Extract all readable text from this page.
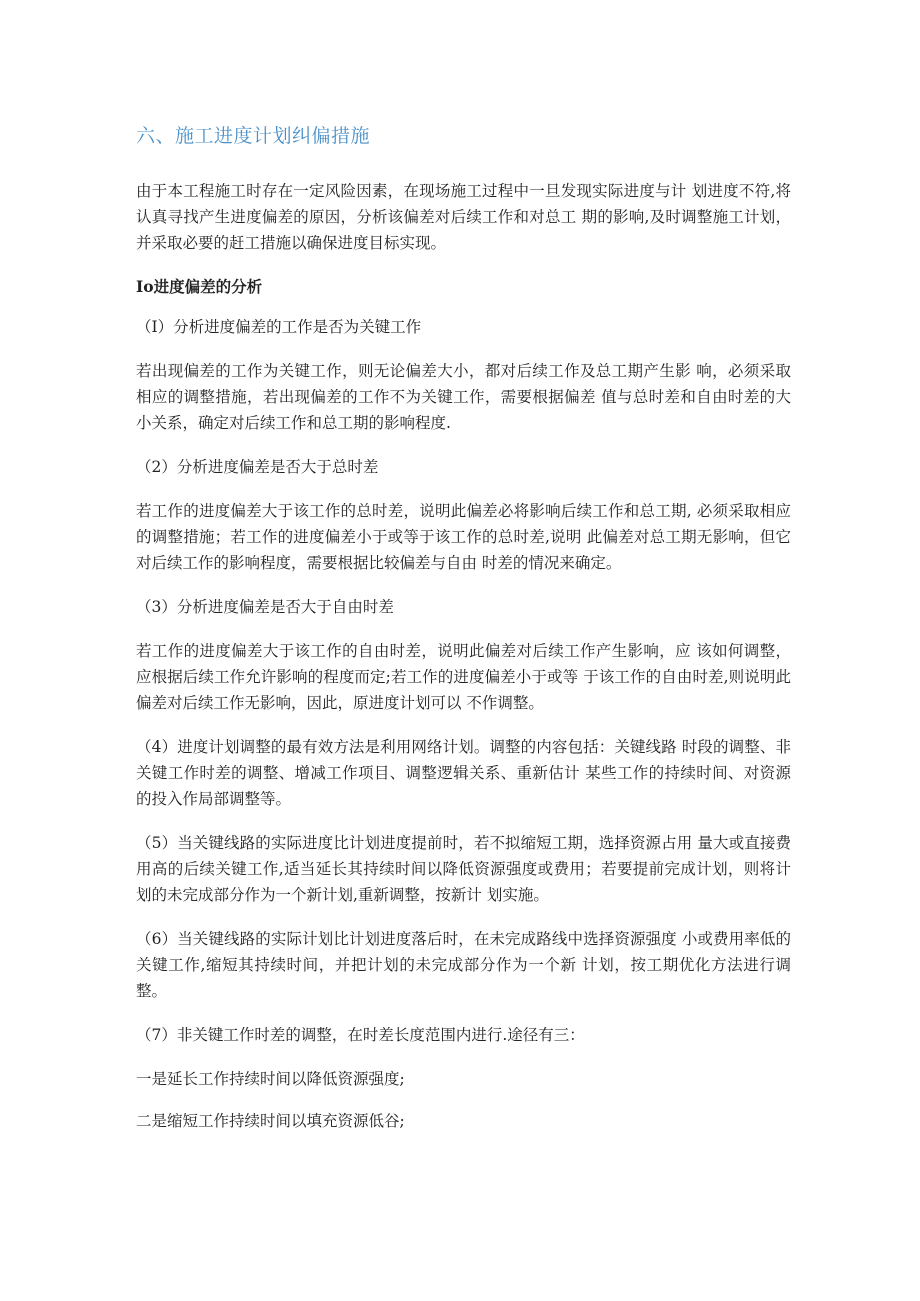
六、施工进度计划纠偏措施

由于本工程施工时存在一定风险因素，在现场施工过程中一旦发现实际进度与计 划进度不符,将认真寻找产生进度偏差的原因，分析该偏差对后续工作和对总工 期的影响,及时调整施工计划，并采取必要的赶工措施以确保进度目标实现。

Io进度偏差的分析

（I）分析进度偏差的工作是否为关键工作

若出现偏差的工作为关键工作，则无论偏差大小，都对后续工作及总工期产生影 响，必须采取相应的调整措施，若出现偏差的工作不为关键工作，需要根据偏差 值与总时差和自由时差的大小关系，确定对后续工作和总工期的影响程度.

（2）分析进度偏差是否大于总时差

若工作的进度偏差大于该工作的总时差，说明此偏差必将影响后续工作和总工期, 必须采取相应的调整措施；若工作的进度偏差小于或等于该工作的总时差,说明 此偏差对总工期无影响，但它对后续工作的影响程度，需要根据比较偏差与自由 时差的情况来确定。

（3）分析进度偏差是否大于自由时差

若工作的进度偏差大于该工作的自由时差，说明此偏差对后续工作产生影响，应 该如何调整，应根据后续工作允许影响的程度而定;若工作的进度偏差小于或等 于该工作的自由时差,则说明此偏差对后续工作无影响，因此，原进度计划可以 不作调整。

（4）进度计划调整的最有效方法是利用网络计划。调整的内容包括：关键线路 时段的调整、非关键工作时差的调整、增减工作项目、调整逻辑关系、重新估计 某些工作的持续时间、对资源的投入作局部调整等。

（5）当关键线路的实际进度比计划进度提前时，若不拟缩短工期，选择资源占用 量大或直接费用高的后续关键工作,适当延长其持续时间以降低资源强度或费用；若要提前完成计划，则将计划的未完成部分作为一个新计划,重新调整，按新计 划实施。

（6）当关键线路的实际计划比计划进度落后时，在未完成路线中选择资源强度 小或费用率低的关键工作,缩短其持续时间，并把计划的未完成部分作为一个新 计划，按工期优化方法进行调整。

（7）非关键工作时差的调整，在时差长度范围内进行.途径有三：

一是延长工作持续时间以降低资源强度;

二是缩短工作持续时间以填充资源低谷;
